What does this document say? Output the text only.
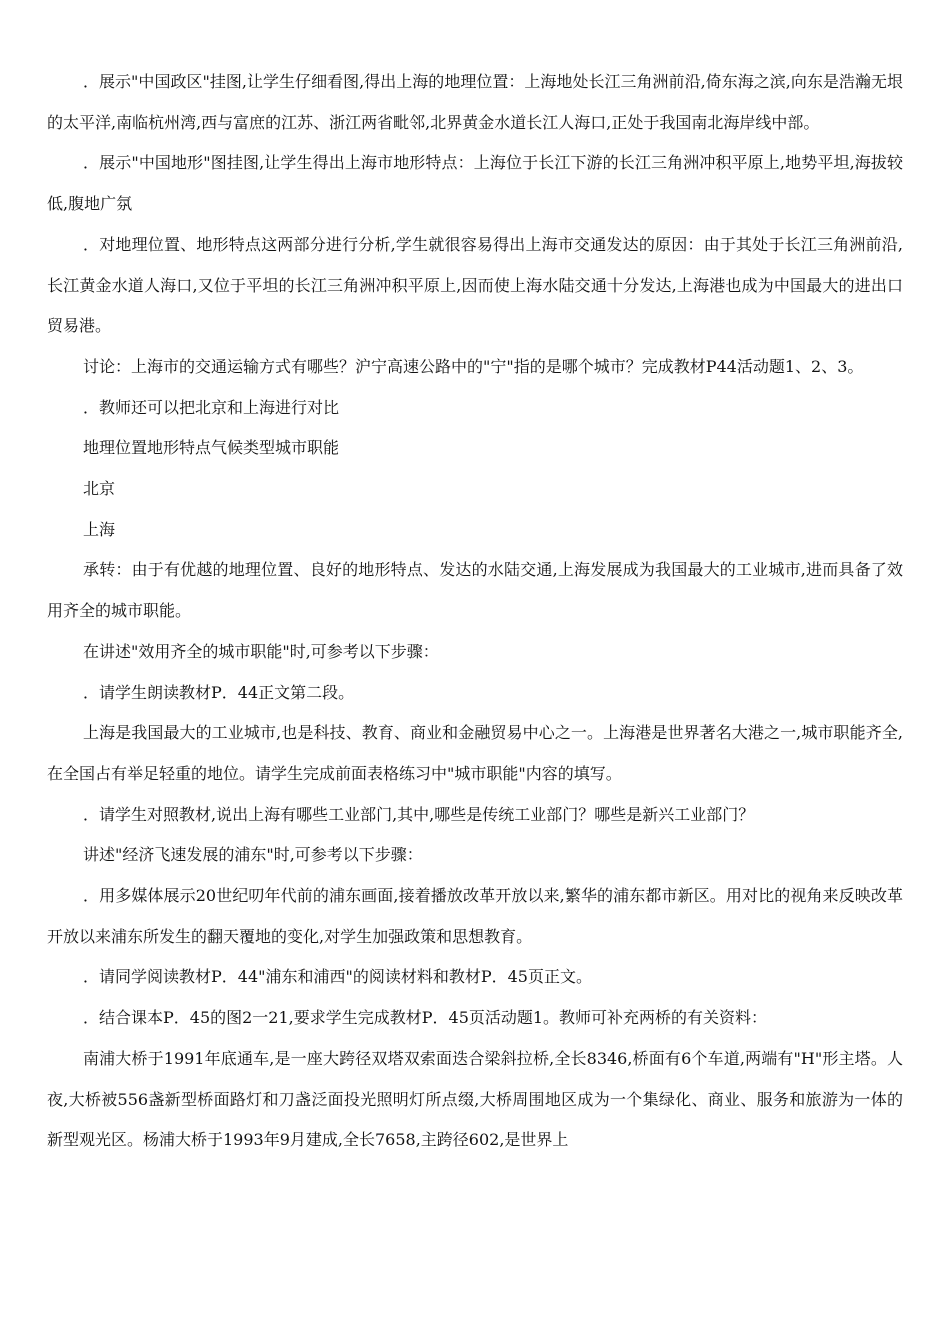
．展示"中国政区"挂图,让学生仔细看图,得出上海的地理位置：上海地处长江三角洲前沿,倚东海之滨,向东是浩瀚无垠的太平洋,南临杭州湾,西与富庶的江苏、浙江两省毗邻,北界黄金水道长江人海口,正处于我国南北海岸线中部。

．展示"中国地形"图挂图,让学生得出上海市地形特点：上海位于长江下游的长江三角洲冲积平原上,地势平坦,海拔较低,腹地广氛

．对地理位置、地形特点这两部分进行分析,学生就很容易得出上海市交通发达的原因：由于其处于长江三角洲前沿,长江黄金水道人海口,又位于平坦的长江三角洲冲积平原上,因而使上海水陆交通十分发达,上海港也成为中国最大的进出口贸易港。

讨论：上海市的交通运输方式有哪些？沪宁高速公路中的"宁"指的是哪个城市？完成教材P44活动题1、2、3。

．教师还可以把北京和上海进行对比

地理位置地形特点气候类型城市职能

北京

上海

承转：由于有优越的地理位置、良好的地形特点、发达的水陆交通,上海发展成为我国最大的工业城市,进而具备了效用齐全的城市职能。

在讲述"效用齐全的城市职能"时,可参考以下步骤：

．请学生朗读教材P．44正文第二段。

上海是我国最大的工业城市,也是科技、教育、商业和金融贸易中心之一。上海港是世界著名大港之一,城市职能齐全,在全国占有举足轻重的地位。请学生完成前面表格练习中"城市职能"内容的填写。

．请学生对照教材,说出上海有哪些工业部门,其中,哪些是传统工业部门？哪些是新兴工业部门？

讲述"经济飞速发展的浦东"时,可参考以下步骤：

．用多媒体展示20世纪叨年代前的浦东画面,接着播放改革开放以来,繁华的浦东都市新区。用对比的视角来反映改革开放以来浦东所发生的翻天覆地的变化,对学生加强政策和思想教育。

．请同学阅读教材P．44"浦东和浦西"的阅读材料和教材P．45页正文。

．结合课本P．45的图2一21,要求学生完成教材P．45页活动题1。教师可补充两桥的有关资料：

南浦大桥于1991年底通车,是一座大跨径双塔双索面迭合梁斜拉桥,全长8346,桥面有6个车道,两端有"H"形主塔。人夜,大桥被556盏新型桥面路灯和刀盏泛面投光照明灯所点缀,大桥周围地区成为一个集绿化、商业、服务和旅游为一体的新型观光区。杨浦大桥于1993年9月建成,全长7658,主跨径602,是世界上
